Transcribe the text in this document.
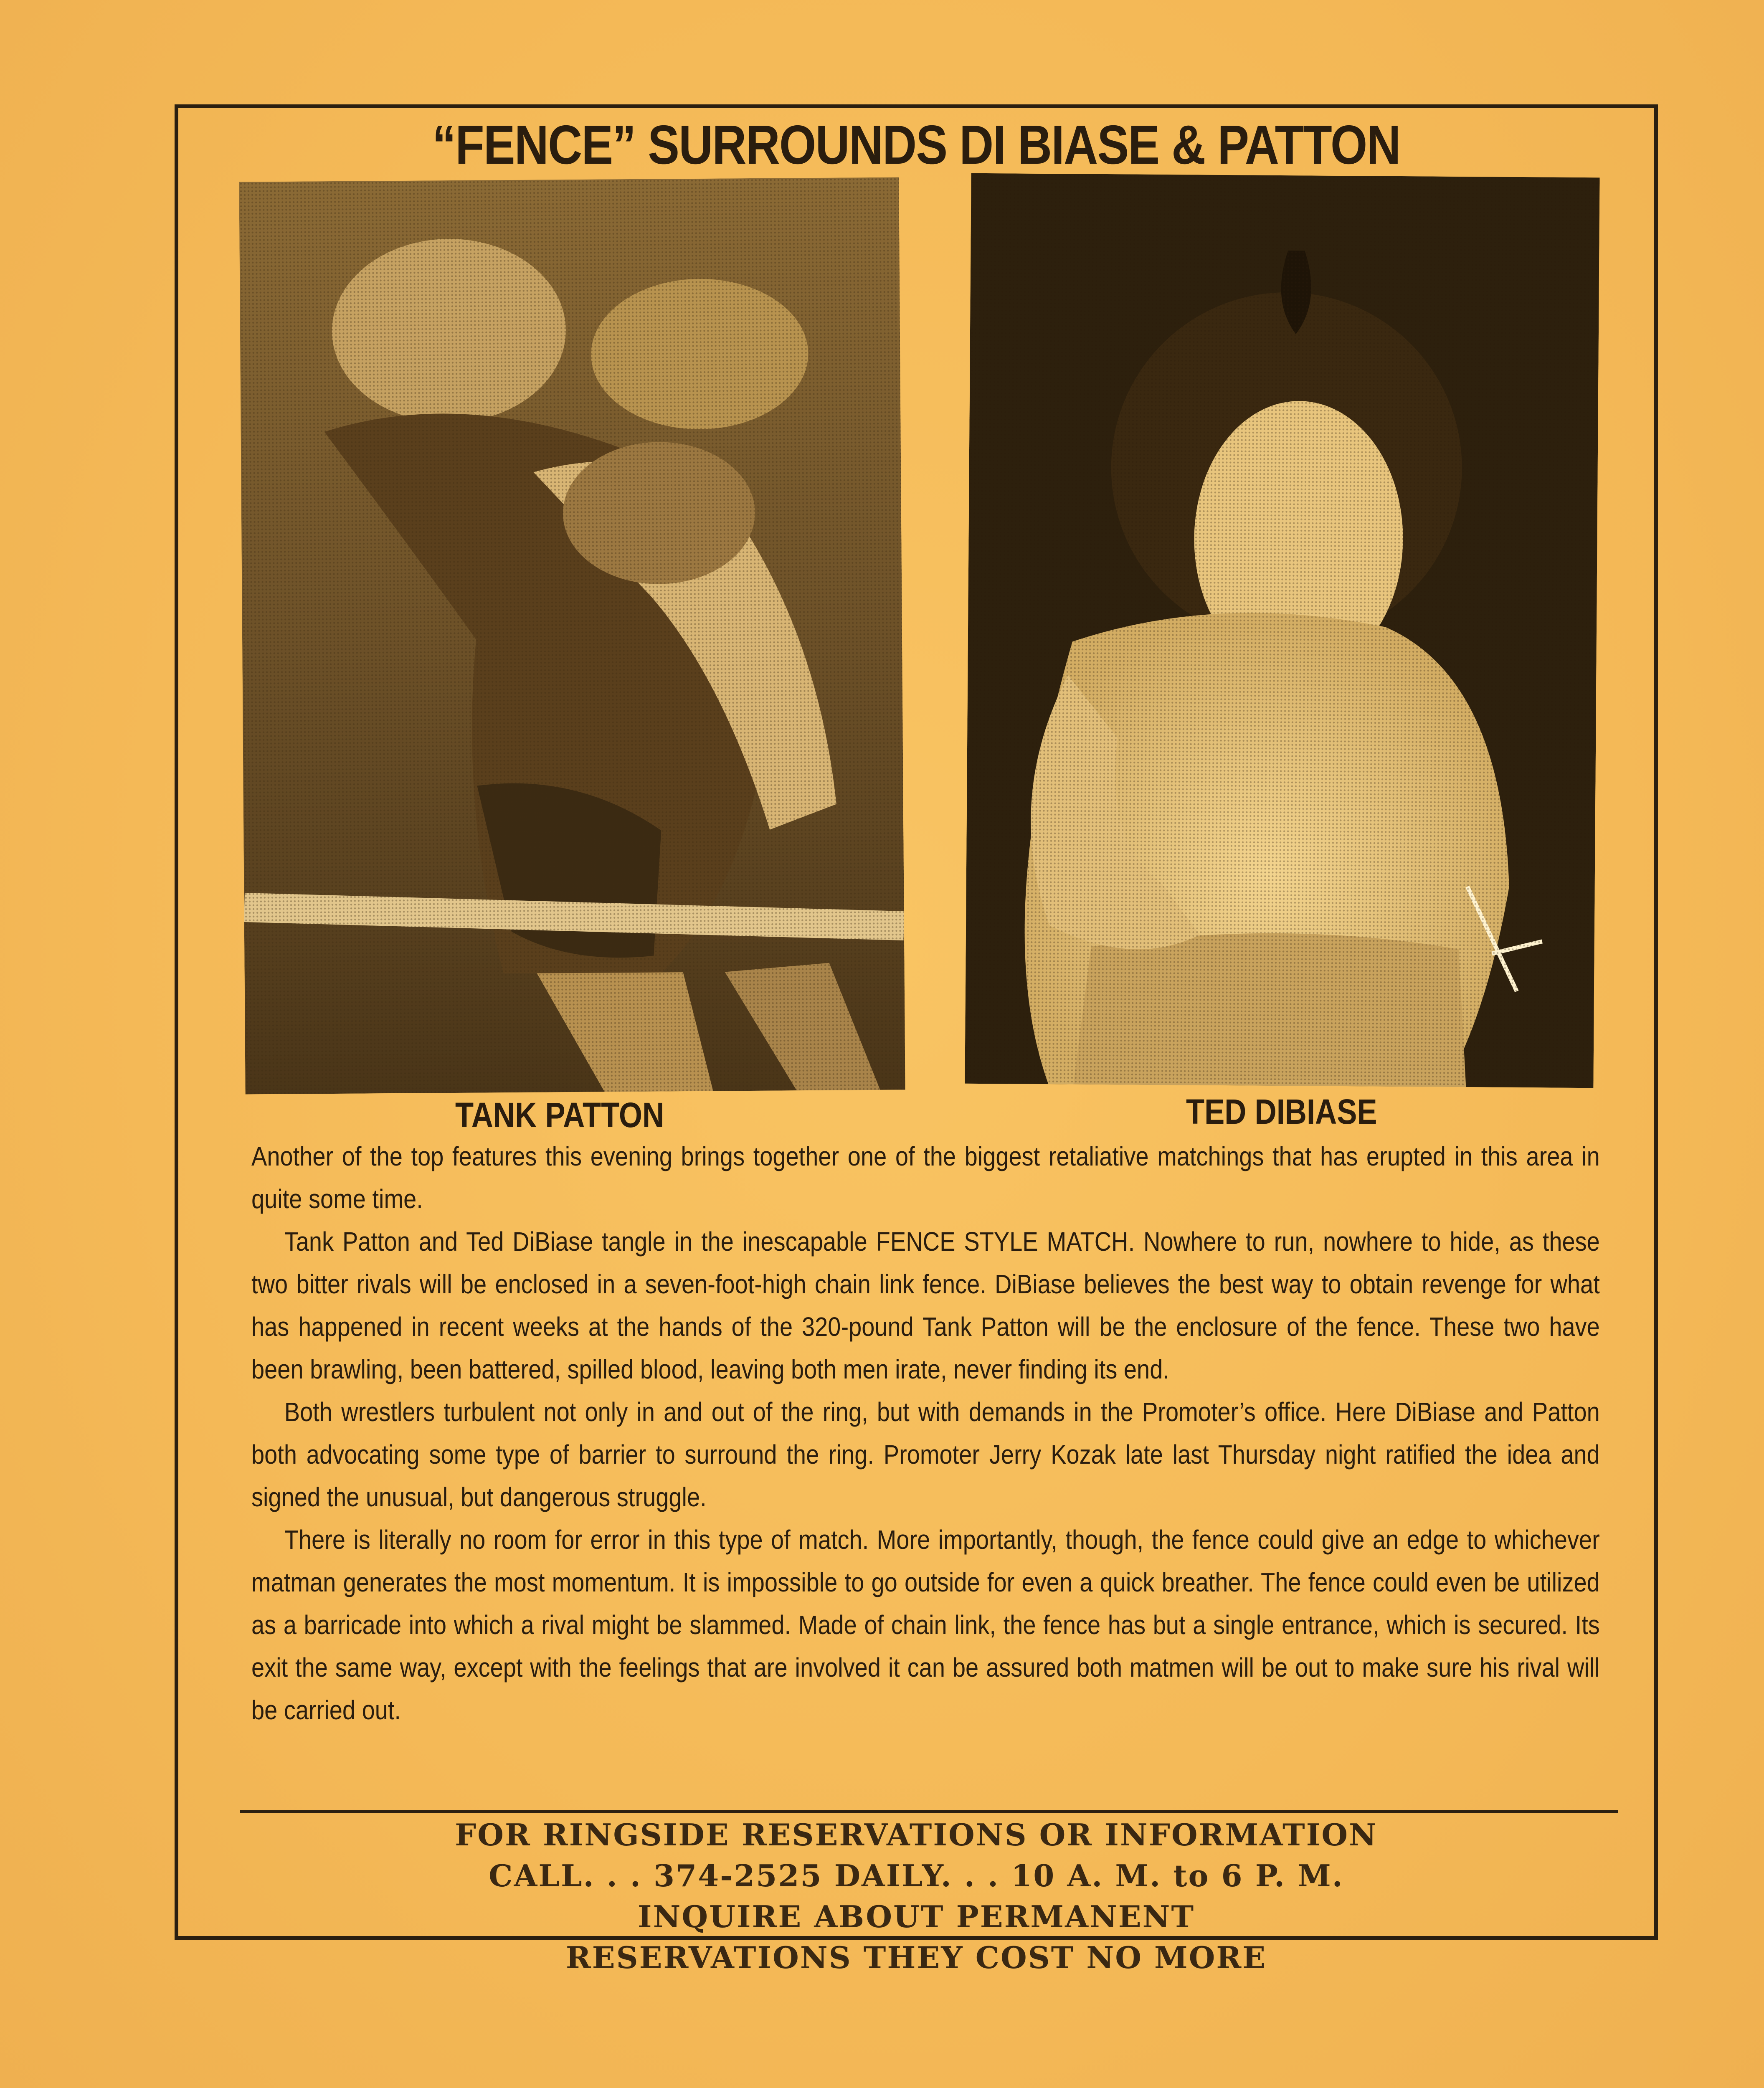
“FENCE” SURROUNDS DI BIASE & PATTON
TANK PATTON	TED DIBIASE

Another of the top features this evening brings together one of the biggest retaliative matchings that has erupted in this area in quite some time.

Tank Patton and Ted DiBiase tangle in the inescapable FENCE STYLE MATCH. Nowhere to run, nowhere to hide, as these two bitter rivals will be enclosed in a seven-foot-high chain link fence. DiBiase believes the best way to obtain revenge for what has happened in recent weeks at the hands of the 320-pound Tank Patton will be the enclosure of the fence. These two have been brawling, been battered, spilled blood, leaving both men irate, never finding its end.

Both wrestlers turbulent not only in and out of the ring, but with demands in the Promoter’s office. Here DiBiase and Patton both advocating some type of barrier to surround the ring. Promoter Jerry Kozak late last Thursday night ratified the idea and signed the unusual, but dangerous struggle.

There is literally no room for error in this type of match. More importantly, though, the fence could give an edge to whichever matman generates the most momentum. It is impossible to go outside for even a quick breather. The fence could even be utilized as a barricade into which a rival might be slammed. Made of chain link, the fence has but a single entrance, which is secured. Its exit the same way, except with the feelings that are involved it can be assured both matmen will be out to make sure his rival will be carried out.

FOR RINGSIDE RESERVATIONS OR INFORMATION
CALL. . . 374-2525 DAILY. . . 10 A. M. to 6 P. M.
INQUIRE ABOUT PERMANENT
RESERVATIONS THEY COST NO MORE
